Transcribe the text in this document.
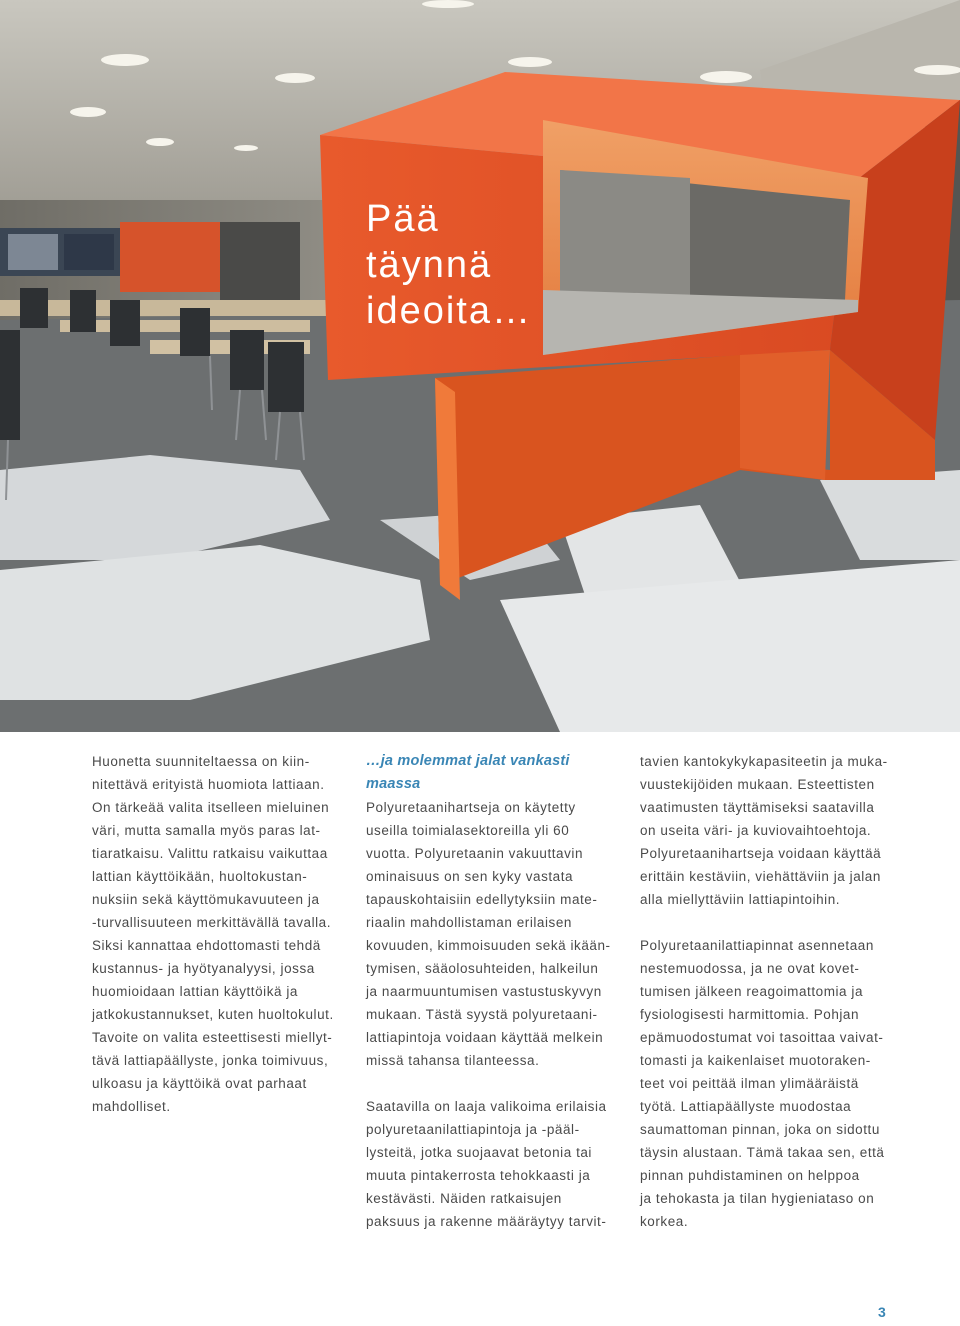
Pää
täynnä
ideoita…

Huonetta suunniteltaessa on kiin-

nitettävä erityistä huomiota lattiaan.

On tärkeää valita itselleen mieluinen

väri, mutta samalla myös paras lat-

tiaratkaisu. Valittu ratkaisu vaikuttaa

lattian käyttöikään, huoltokustan-

nuksiin sekä käyttömukavuuteen ja

-turvallisuuteen merkittävällä tavalla.

Siksi kannattaa ehdottomasti tehdä

kustannus- ja hyötyanalyysi, jossa

huomioidaan lattian käyttöikä ja

jatkokustannukset, kuten huoltokulut.

Tavoite on valita esteettisesti miellyt-

tävä lattiapäällyste, jonka toimivuus,

ulkoasu ja käyttöikä ovat parhaat

mahdolliset.

…ja molemmat jalat vankasti

maassa

Polyuretaanihartseja on käytetty

useilla toimialasektoreilla yli 60

vuotta. Polyuretaanin vakuuttavin

ominaisuus on sen kyky vastata

tapauskohtaisiin edellytyksiin mate-

riaalin mahdollistaman erilaisen

kovuuden, kimmoisuuden sekä ikään-

tymisen, sääolosuhteiden, halkeilun

ja naarmuuntumisen vastustuskyvyn

mukaan. Tästä syystä polyuretaani-

lattiapintoja voidaan käyttää melkein

missä tahansa tilanteessa.

Saatavilla on laaja valikoima erilaisia

polyuretaanilattiapintoja ja -pääl-

lysteitä, jotka suojaavat betonia tai

muuta pintakerrosta tehokkaasti ja

kestävästi. Näiden ratkaisujen

paksuus ja rakenne määräytyy tarvit-

tavien kantokykykapasiteetin ja muka-

vuustekijöiden mukaan. Esteettisten

vaatimusten täyttämiseksi saatavilla

on useita väri- ja kuviovaihtoehtoja.

Polyuretaanihartseja voidaan käyttää

erittäin kestäviin, viehättäviin ja jalan

alla miellyttäviin lattiapintoihin.

Polyuretaanilattiapinnat asennetaan

nestemuodossa, ja ne ovat kovet-

tumisen jälkeen reagoimattomia ja

fysiologisesti harmittomia. Pohjan

epämuodostumat voi tasoittaa vaivat-

tomasti ja kaikenlaiset muotoraken-

teet voi peittää ilman ylimääräistä

työtä. Lattiapäällyste muodostaa

saumattoman pinnan, joka on sidottu

täysin alustaan. Tämä takaa sen, että

pinnan puhdistaminen on helppoa

ja tehokasta ja tilan hygieniataso on

korkea.

3
